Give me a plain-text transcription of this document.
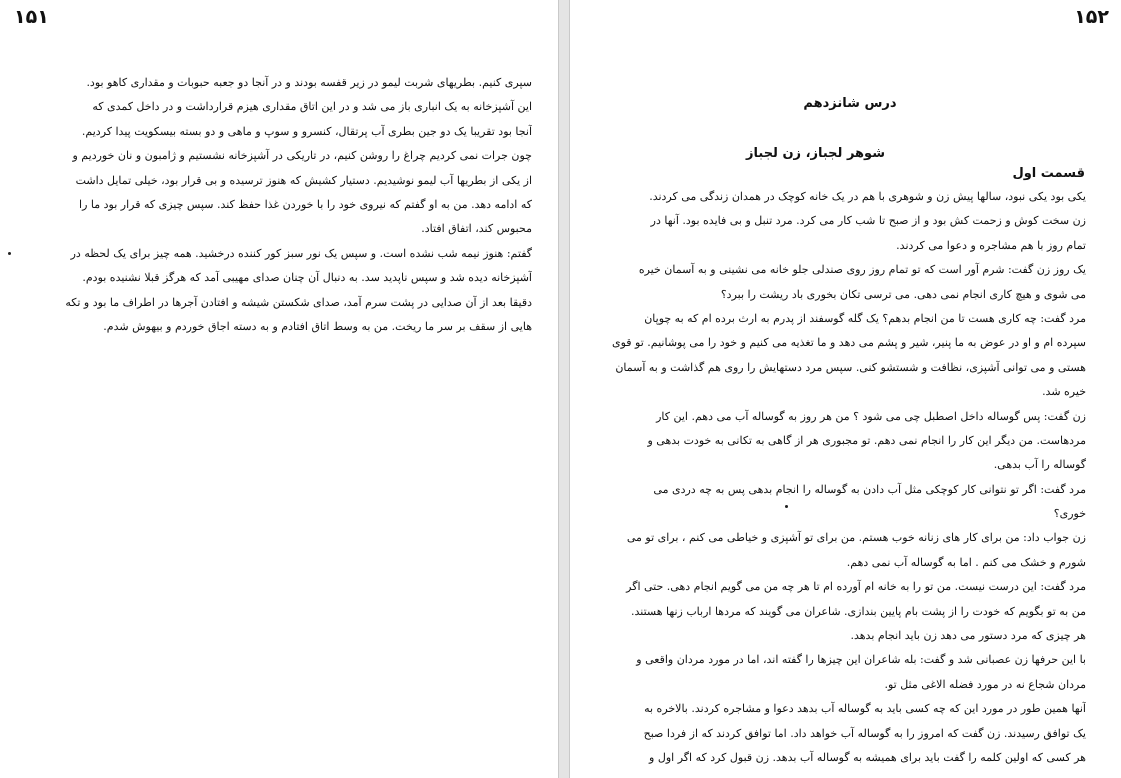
۱۵۱
سپری کنیم. بطریهای شربت لیمو در زیر قفسه بودند و در آنجا دو جعبه حبوبات و مقداری کاهو بود.
این آشپزخانه به یک انباری باز می شد و در این اتاق مقداری هیزم قرارداشت و در داخل کمدی که
آنجا بود تقریبا یک دو جین بطری آب پرتقال، کنسرو و سوپ و ماهی و دو بسته بیسکویت پیدا کردیم.
چون جرات نمی کردیم چراغ را روشن کنیم، در تاریکی در آشپزخانه نشستیم و ژامبون و نان خوردیم و
از یکی از بطریها آب لیمو نوشیدیم. دستیار کشیش که هنوز ترسیده و بی قرار بود، خیلی تمایل داشت
که ادامه دهد. من به او گفتم که نیروی خود را با خوردن غذا حفظ کند. سپس چیزی که قرار بود ما را
محبوس کند، اتفاق افتاد.
گفتم: هنوز نیمه شب نشده است. و سپس یک نور سبز کور کننده درخشید. همه چیز برای یک لحظه در
آشپزخانه دیده شد و سپس ناپدید سد. به دنبال آن چنان صدای مهیبی آمد که هرگز قبلا نشنیده بودم.
دقیقا بعد از آن صدایی در پشت سرم آمد، صدای شکستن شیشه و افتادن آجرها در اطراف ما بود و تکه
هایی از سقف بر سر ما ریخت. من به وسط اتاق افتادم و به دسته اجاق خوردم و بیهوش شدم.
۱۵۲
درس شانزدهم
شوهر لجباز، زن لجباز
قسمت اول
یکی بود یکی نبود، سالها پیش زن و شوهری با هم در یک خانه کوچک در همدان زندگی می کردند.
زن سخت کوش و زحمت کش بود و از صبح تا شب کار می کرد. مرد تنبل و بی فایده بود. آنها در
تمام روز با هم مشاجره و دعوا می کردند.
یک روز زن گفت: شرم آور است که تو تمام روز روی صندلی جلو خانه می نشینی و به آسمان خیره
می شوی و هیچ کاری انجام نمی دهی. می ترسی تکان بخوری باد ریشت را ببرد؟
مرد گفت: چه کاری هست تا من انجام بدهم؟ یک گله گوسفند از پدرم به ارث برده ام که به چوپان
سپرده ام و او در عوض به ما پنیر، شیر و پشم می دهد و ما تغذیه می کنیم و خود را می پوشانیم. تو قوی
هستی و می توانی آشپزی، نظافت و شستشو کنی. سپس مرد دستهایش را روی هم گذاشت و به آسمان
خیره شد.
زن گفت: پس گوساله داخل اصطبل چی می شود ؟ من هر روز به گوساله آب می دهم. این کار
مردهاست. من دیگر این کار را انجام نمی دهم. تو مجبوری هر از گاهی به تکانی به خودت بدهی و
گوساله را آب بدهی.
مرد گفت: اگر تو نتوانی کار کوچکی مثل آب دادن به گوساله را انجام بدهی پس به چه دردی می
خوری؟
زن جواب داد: من برای کار های زنانه خوب هستم. من برای تو آشپزی و خیاطی می کنم ، برای تو می
شورم و خشک می کنم . اما به گوساله آب نمی دهم.
مرد گفت: این درست نیست. من تو را به خانه ام آورده ام تا هر چه من می گویم انجام دهی. حتی اگر
من به تو بگویم که خودت را از پشت بام پایین بندازی. شاعران می گویند که مردها ارباب زنها هستند.
هر چیزی که مرد دستور می دهد زن باید انجام بدهد.
با این حرفها زن عصبانی شد و گفت: بله شاعران این چیزها را گفته اند، اما در مورد مردان واقعی و
مردان شجاع نه در مورد فضله الاغی مثل تو.
آنها همین طور در مورد این که چه کسی باید به گوساله آب بدهد دعوا و مشاجره کردند. بالاخره به
یک توافق رسیدند. زن گفت که امروز را به گوساله آب خواهد داد. اما توافق کردند که از فردا صبح
هر کسی که اولین کلمه را گفت باید برای همیشه به گوساله آب بدهد. زن قبول کرد که اگر اول و
